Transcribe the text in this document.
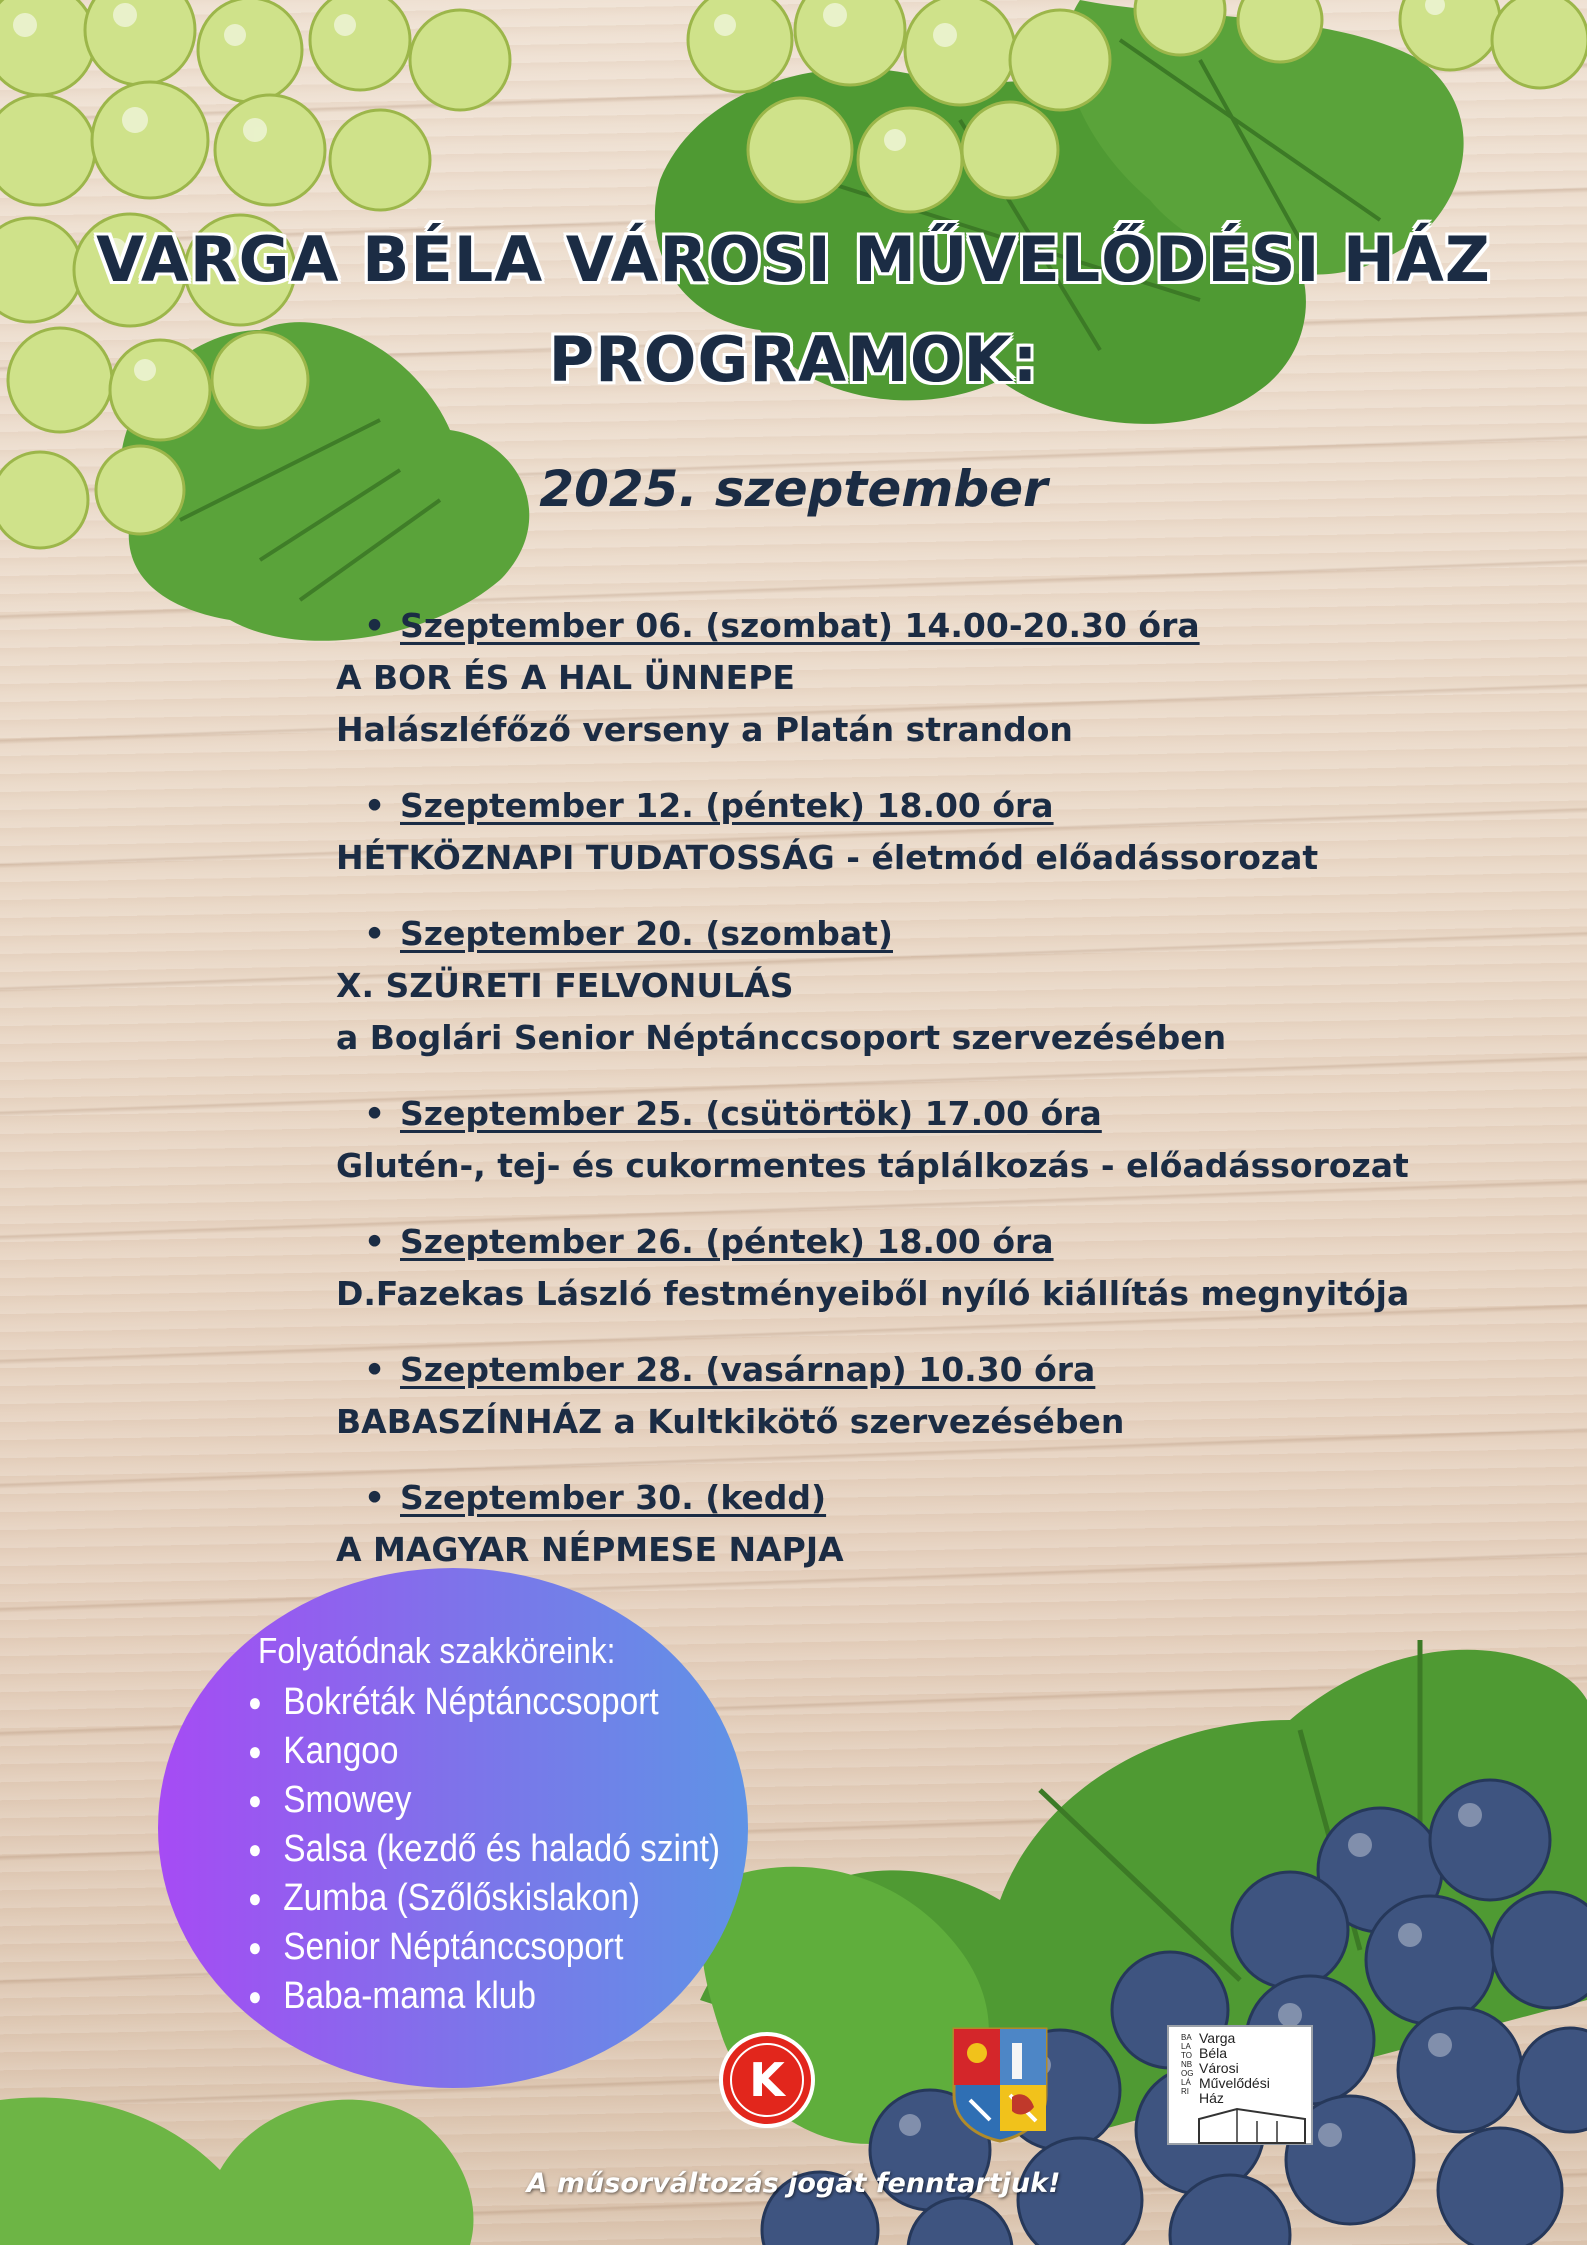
VARGA BÉLA VÁROSI MŰVELŐDÉSI HÁZ
PROGRAMOK:
2025. szeptember
• Szeptember 06. (szombat) 14.00-20.30 óra
A BOR ÉS A HAL ÜNNEPE
Halászléfőző verseny a Platán strandon
• Szeptember 12. (péntek) 18.00 óra
HÉTKÖZNAPI TUDATOSSÁG - életmód előadássorozat
• Szeptember 20. (szombat)
X. SZÜRETI FELVONULÁS
a Boglári Senior Néptánccsoport szervezésében
• Szeptember 25. (csütörtök) 17.00 óra
Glutén-, tej- és cukormentes táplálkozás - előadássorozat
• Szeptember 26. (péntek) 18.00 óra
D.Fazekas László festményeiből nyíló kiállítás megnyitója
• Szeptember 28. (vasárnap) 10.30 óra
BABASZÍNHÁZ a Kultkikötő szervezésében
• Szeptember 30. (kedd)
A MAGYAR NÉPMESE NAPJA
Folyatódnak szakköreink:
● Bokréták Néptánccsoport
● Kangoo
● Smowey
● Salsa (kezdő és haladó szint)
● Zumba (Szőlőskislakon)
● Senior Néptánccsoport
● Baba-mama klub
K
BALATONBOGLÁRI
Varga
Béla
Városi
Művelődési
Ház
A műsorváltozás jogát fenntartjuk!
